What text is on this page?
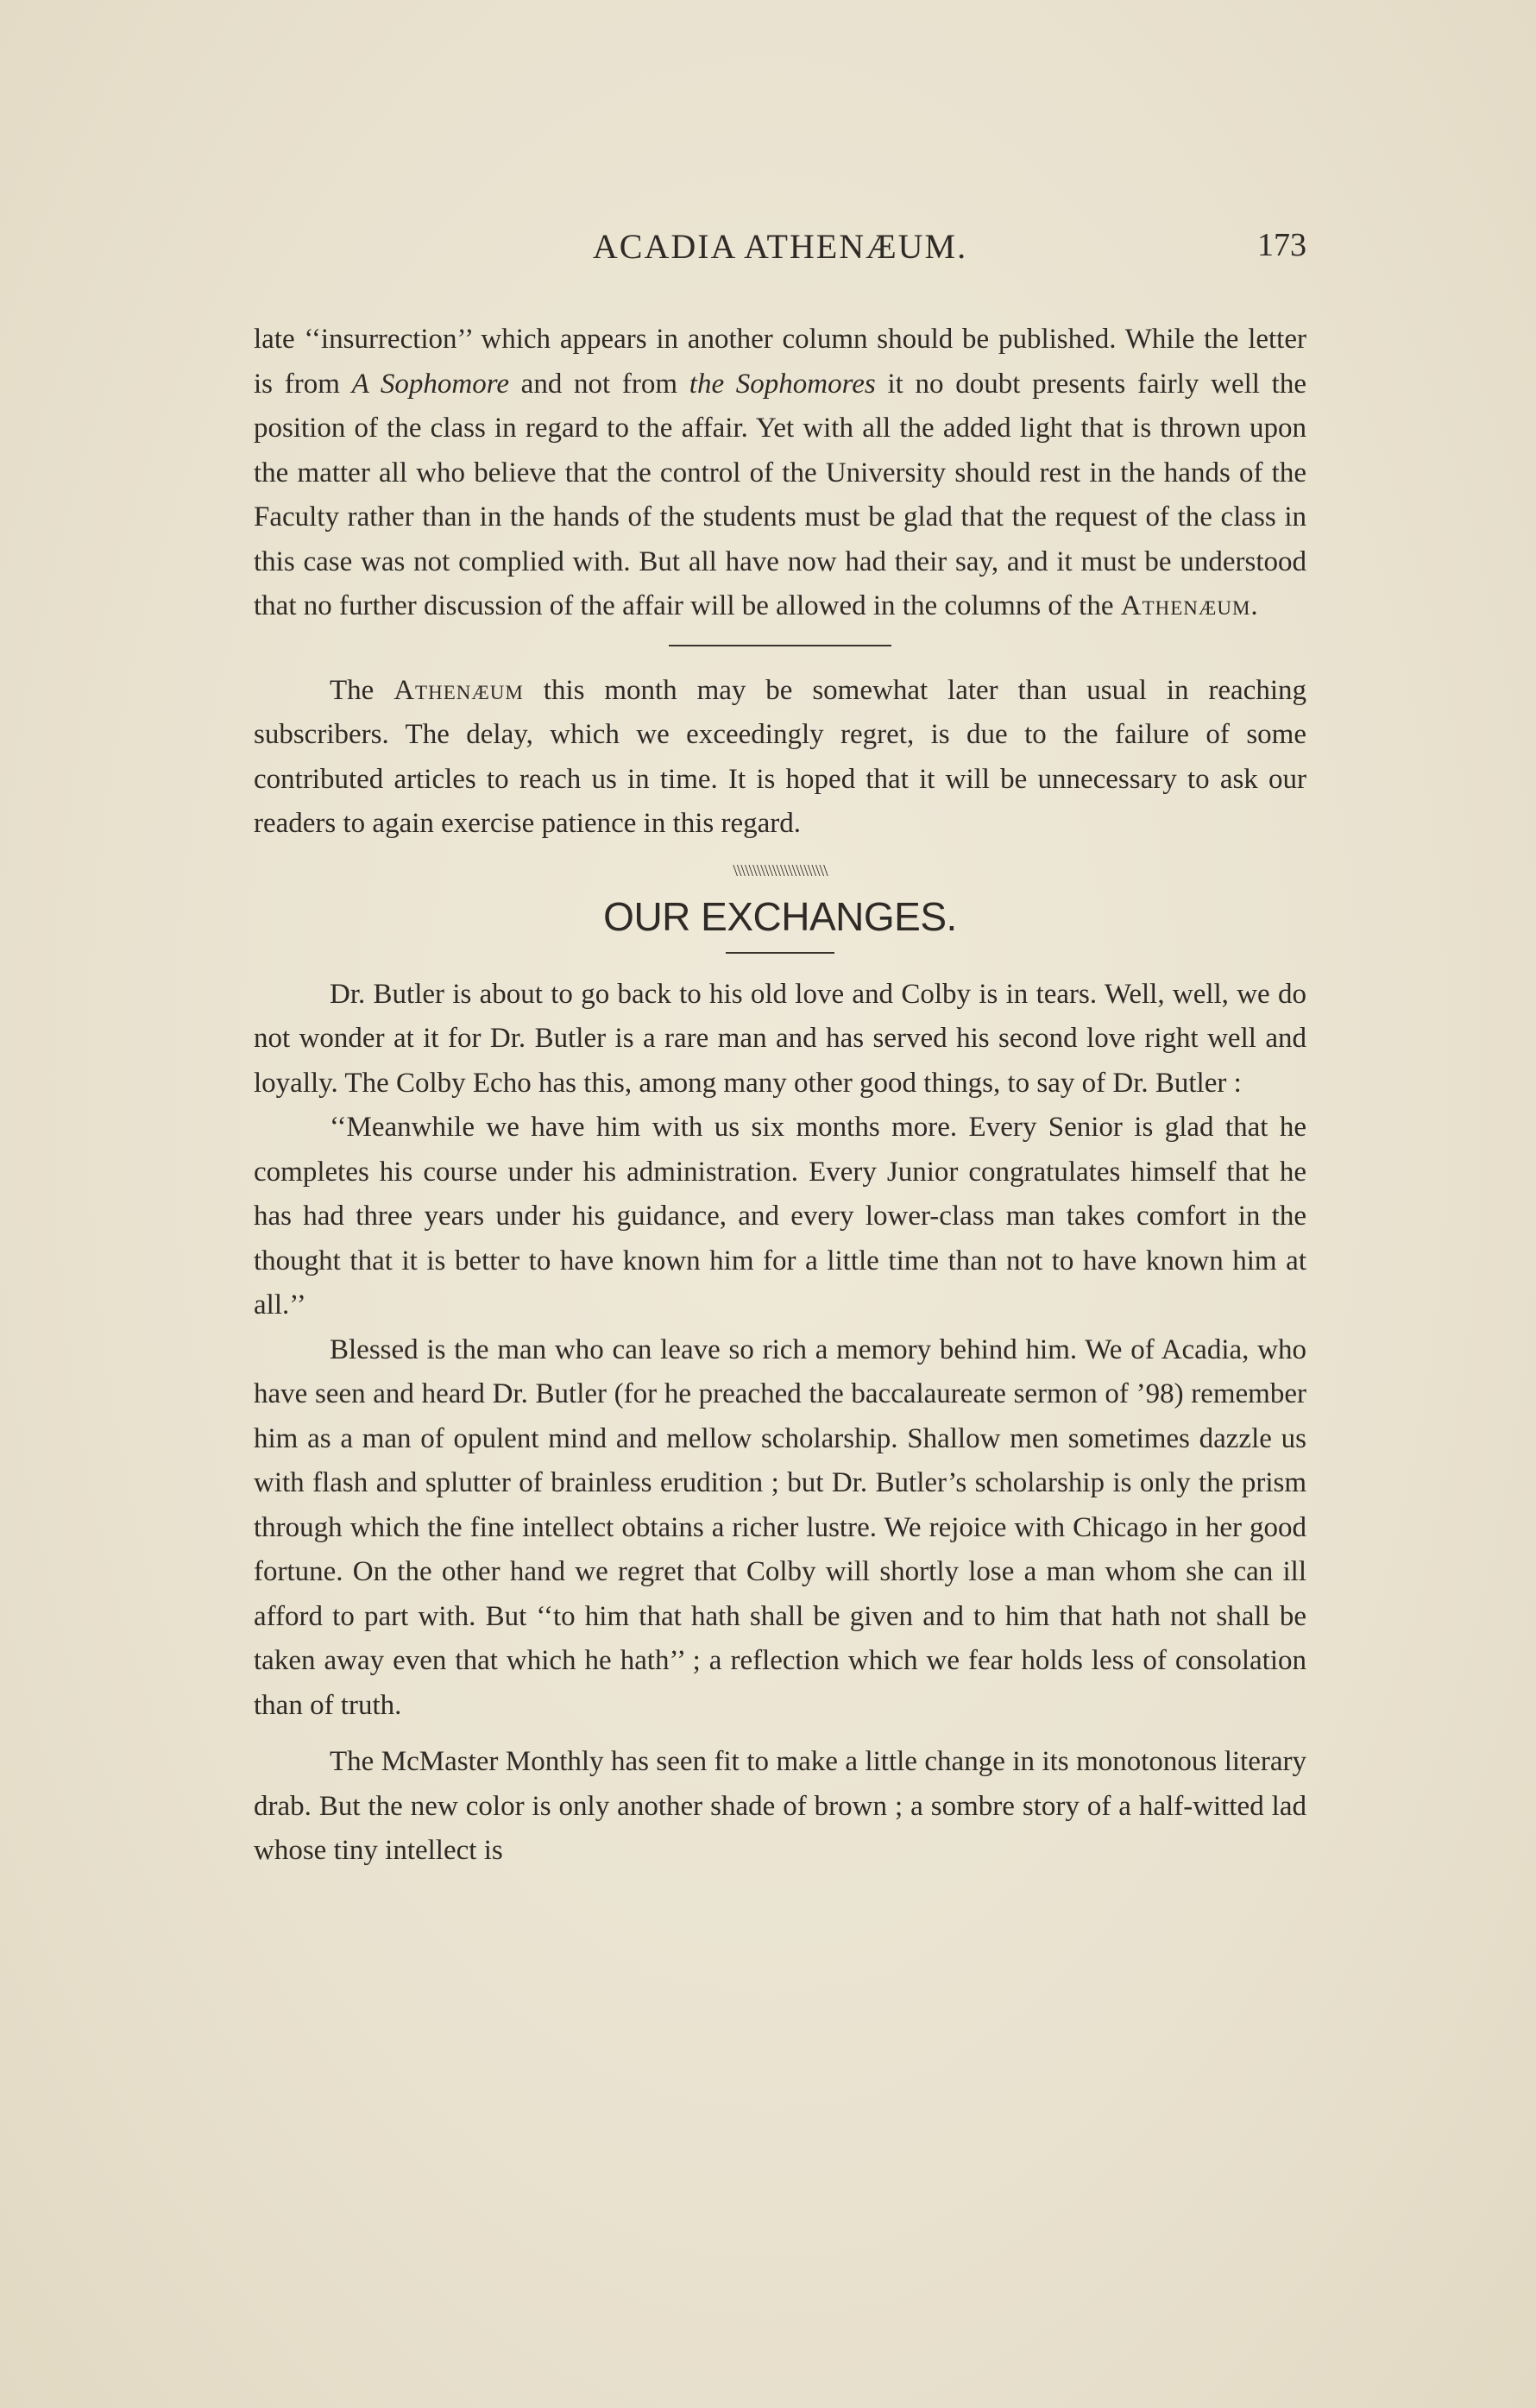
ACADIA ATHENÆUM.	173

late ‘‘insurrection’’ which appears in another column should be published. While the letter is from A Sophomore and not from the Sophomores it no doubt presents fairly well the position of the class in regard to the affair. Yet with all the added light that is thrown upon the matter all who believe that the control of the University should rest in the hands of the Faculty rather than in the hands of the students must be glad that the request of the class in this case was not complied with. But all have now had their say, and it must be understood that no further discussion of the affair will be allowed in the columns of the Athenæum.

The Athenæum this month may be somewhat later than usual in reaching subscribers. The delay, which we exceedingly regret, is due to the failure of some contributed articles to reach us in time. It is hoped that it will be unnecessary to ask our readers to again exercise patience in this regard.

\\\\\\\\\\\\\\\\\\\\\\\\
OUR EXCHANGES.

Dr. Butler is about to go back to his old love and Colby is in tears. Well, well, we do not wonder at it for Dr. Butler is a rare man and has served his second love right well and loyally. The Colby Echo has this, among many other good things, to say of Dr. Butler :

‘‘Meanwhile we have him with us six months more. Every Senior is glad that he completes his course under his administration. Every Junior congratulates himself that he has had three years under his guidance, and every lower-class man takes comfort in the thought that it is better to have known him for a little time than not to have known him at all.’’

Blessed is the man who can leave so rich a memory behind him. We of Acadia, who have seen and heard Dr. Butler (for he preached the baccalaureate sermon of ’98) remember him as a man of opulent mind and mellow scholarship. Shallow men sometimes dazzle us with flash and splutter of brainless erudition ; but Dr. Butler’s scholarship is only the prism through which the fine intellect obtains a richer lustre. We rejoice with Chicago in her good fortune. On the other hand we regret that Colby will shortly lose a man whom she can ill afford to part with. But ‘‘to him that hath shall be given and to him that hath not shall be taken away even that which he hath’’ ; a reflection which we fear holds less of consolation than of truth.

The McMaster Monthly has seen fit to make a little change in its monotonous literary drab. But the new color is only another shade of brown ; a sombre story of a half-witted lad whose tiny intellect is
